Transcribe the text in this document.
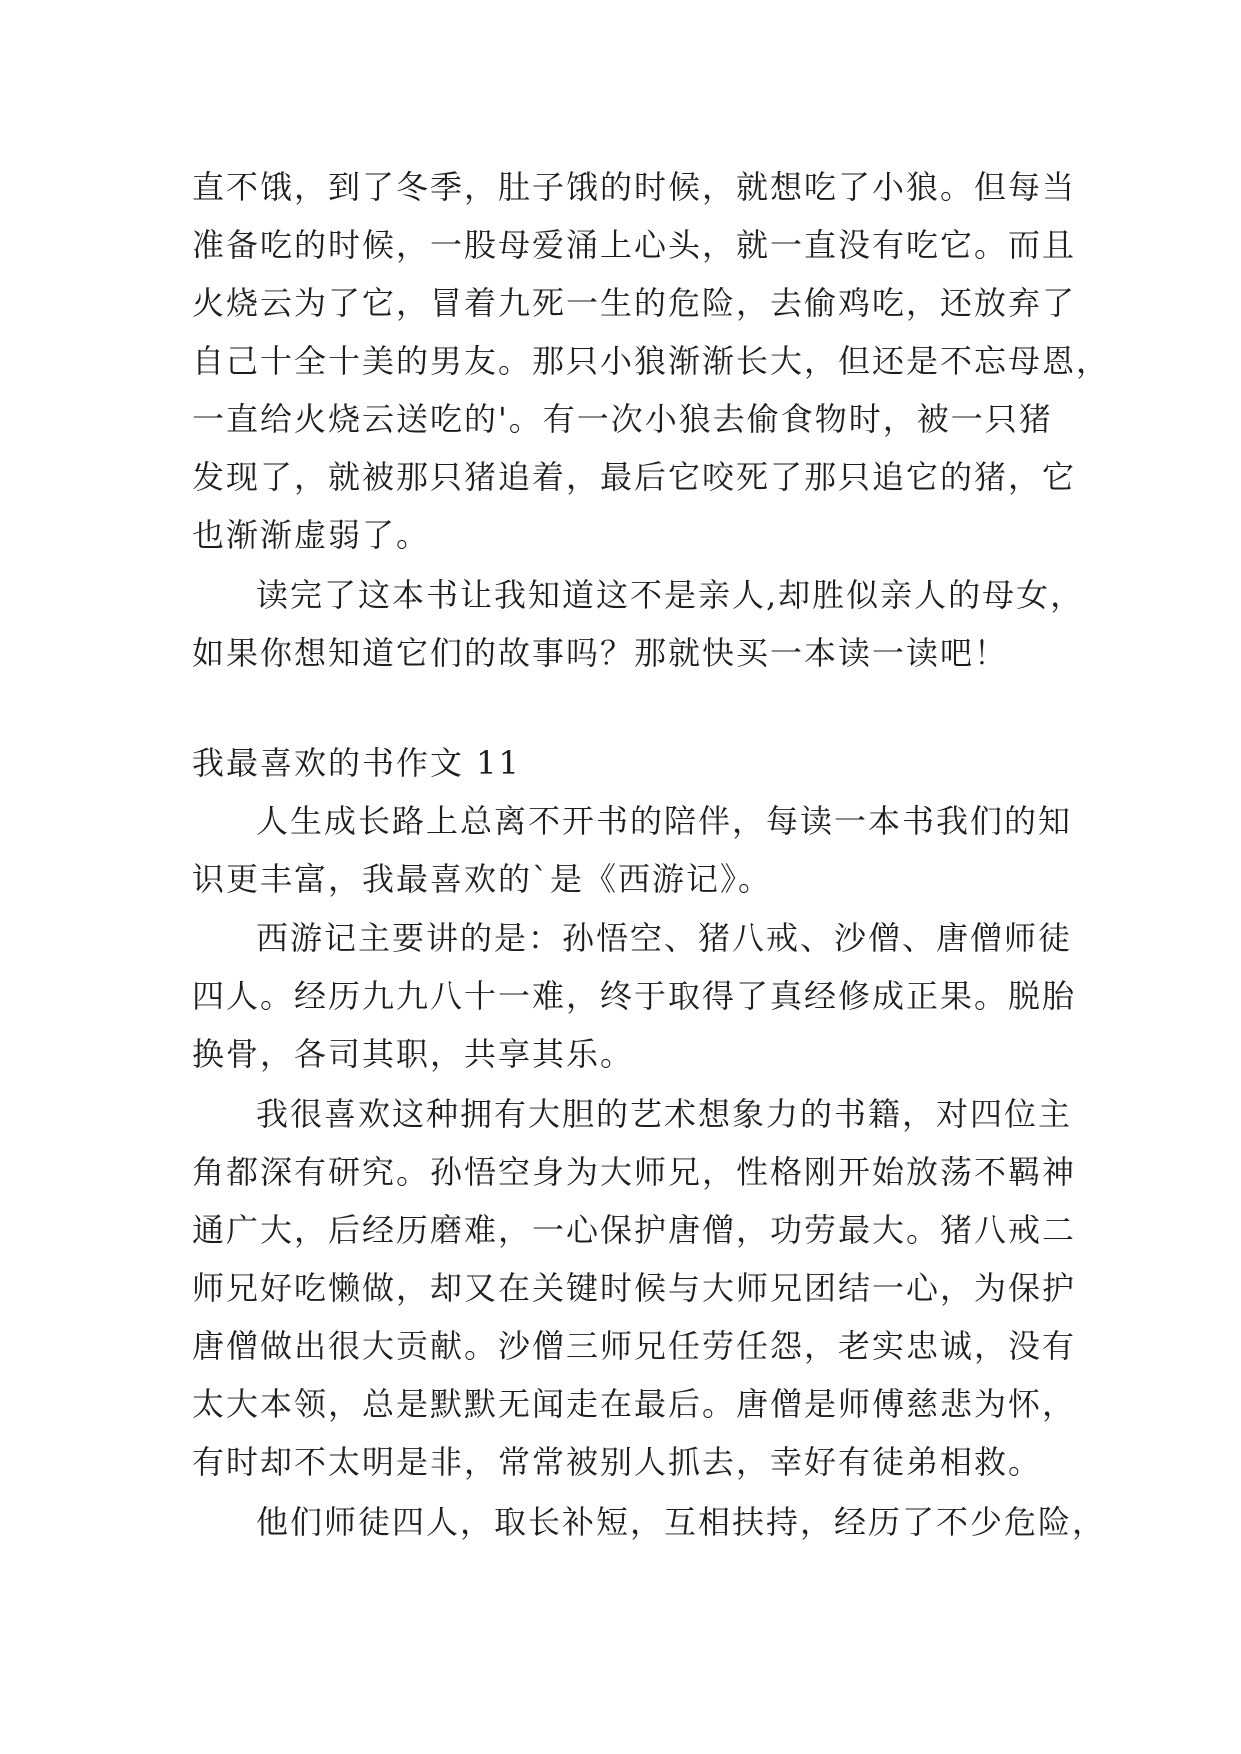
直不饿，到了冬季，肚子饿的时候，就想吃了小狼。但每当
准备吃的时候，一股母爱涌上心头，就一直没有吃它。而且
火烧云为了它，冒着九死一生的危险，去偷鸡吃，还放弃了
自己十全十美的男友。那只小狼渐渐长大，但还是不忘母恩，
一直给火烧云送吃的'。有一次小狼去偷食物时，被一只猪
发现了，就被那只猪追着，最后它咬死了那只追它的猪，它
也渐渐虚弱了。
读完了这本书让我知道这不是亲人,却胜似亲人的母女，
如果你想知道它们的故事吗？那就快买一本读一读吧！
我最喜欢的书作文 11
人生成长路上总离不开书的陪伴，每读一本书我们的知
识更丰富，我最喜欢的`是《西游记》。
西游记主要讲的是：孙悟空、猪八戒、沙僧、唐僧师徒
四人。经历九九八十一难，终于取得了真经修成正果。脱胎
换骨，各司其职，共享其乐。
我很喜欢这种拥有大胆的艺术想象力的书籍，对四位主
角都深有研究。孙悟空身为大师兄，性格刚开始放荡不羁神
通广大，后经历磨难，一心保护唐僧，功劳最大。猪八戒二
师兄好吃懒做，却又在关键时候与大师兄团结一心，为保护
唐僧做出很大贡献。沙僧三师兄任劳任怨，老实忠诚，没有
太大本领，总是默默无闻走在最后。唐僧是师傅慈悲为怀，
有时却不太明是非，常常被别人抓去，幸好有徒弟相救。
他们师徒四人，取长补短，互相扶持，经历了不少危险，
